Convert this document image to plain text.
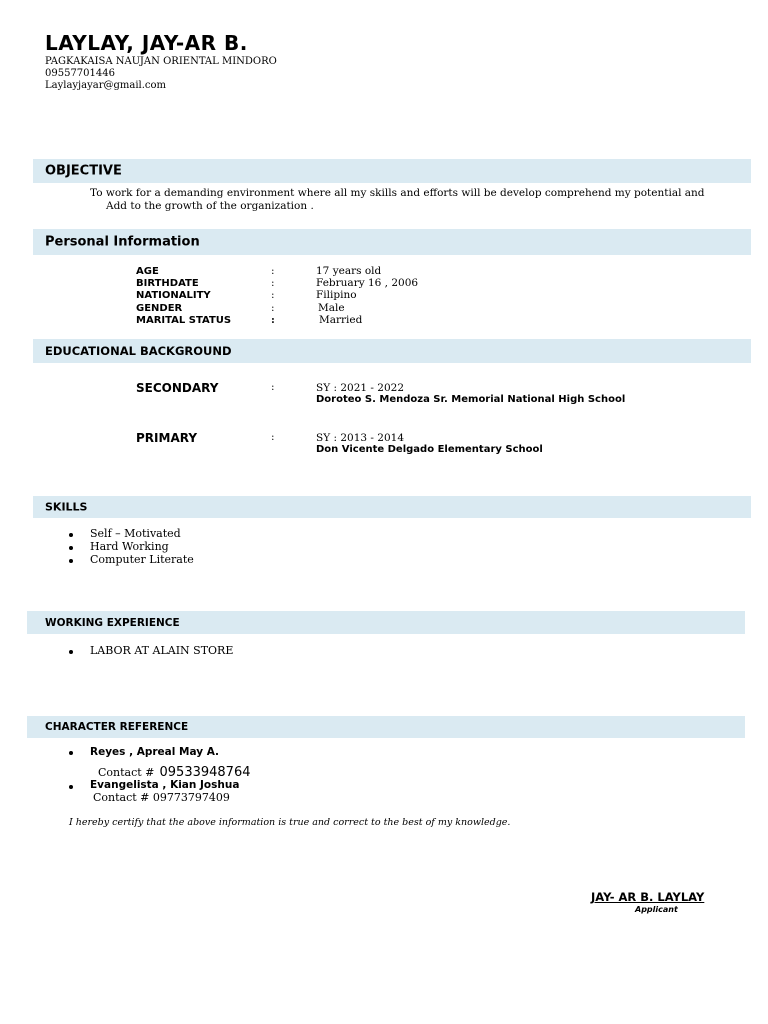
LAYLAY, JAY-AR B.
PAGKAKAISA NAUJAN ORIENTAL MINDORO
09557701446
Laylayjayar@gmail.com
OBJECTIVE
To work for a demanding environment where all my skills and efforts will be develop comprehend my potential and
Add to the growth of the organization .
Personal Information
AGE	:	17 years old
BIRTHDATE	:	February 16 , 2006
NATIONALITY	:	Filipino
GENDER	:	Male
MARITAL STATUS	:	Married
EDUCATIONAL BACKGROUND
SECONDARY	:	SY : 2021 - 2022
Doroteo S. Mendoza Sr. Memorial National High School
PRIMARY	:	SY : 2013 - 2014
Don Vicente Delgado Elementary School
SKILLS
Self – Motivated
Hard Working
Computer Literate
WORKING EXPERIENCE
LABOR AT ALAIN STORE
CHARACTER REFERENCE
Reyes , Apreal May A.
Contact # 09533948764
Evangelista , Kian Joshua
Contact # 09773797409
I hereby certify that the above information is true and correct to the best of my knowledge.
JAY- AR B. LAYLAY
Applicant
